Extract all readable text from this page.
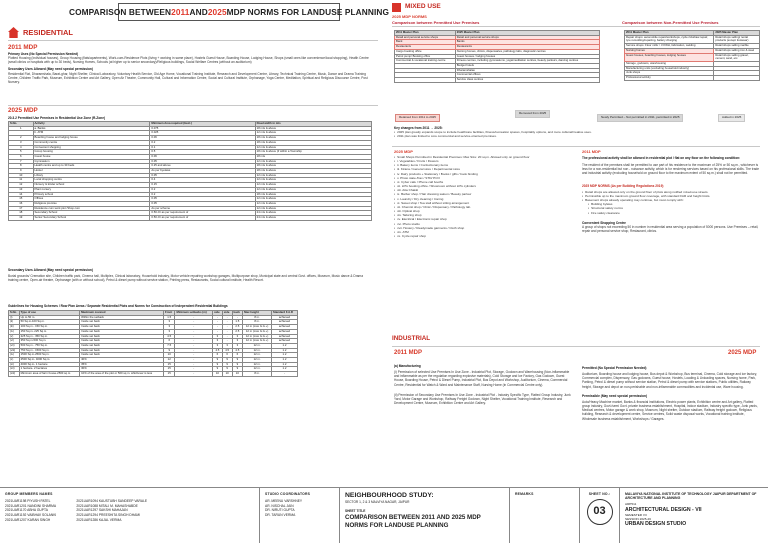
COMPARISON BETWEEN 2011 AND 2025 MDP NORMS FOR LANDUSE PLANNING
RESIDENTIAL
2011 MDP
Primary Uses (No Special Permission Needed)
Plotted Housing (Individual houses), Group Housing (flats/apartments), Work-cum-Residence Plots (living + working in same place), Hostels Guest House, Boarding House, Lodging House, Shops (small ones like convenience/local shopping), Health Centre (small clinics or hospitals with up to 30 beds), Nursing Homes, Schools (at higher up to senior secondary)/Religious buildings, Social Welfare Centres (without an auditorium)
Secondary Uses Allowed (May need special permission)
Residential Flat, Dharamshala, Barat-ghar, Night Shelter, Clinical Laboratory, Voluntary Health Service, Old Age Home, Vocational Training Institute, Research and Development Centre, Library, Technical Training Centre, Music, Dance and Drama Training Centre, Children Traffic Park, Museum, Exhibition Centre and Art Gallery, Open Air Theatre, Community Hall, Cultural and Information Centre, Social and Cultural Institute, Orphanage, Yoga Centre, Meditation, Spiritual and Religious Discourse Centre, Post Nursery.
2025 MDP
20.3.2 Permitted Use Premises in Residential Use Zone (R-Zone)
S.No.	Activity	Minimum Area required (Hect.)	Road width in mts
1	a. Banks	0.075	18 mts & above
	b. ATM	0.025	12 mts & above
2	Boarding house and lodging house	0.06	18 mts & above
3	Community centre	0.2	18 mts & above
4	Convenient shopping	0.1	12 mts & above
5	Group housing	0.5	18 mts & above (if within a Township
6	Guest house	0.06	18 mts
7	Gymnasium	0.05	12 mts & above
8	Health centre and up to 30 beds	0.25 and above	18 mts & above
9	Hostel	As per byelaws	18 mts & above
10	Library	0.05	12 mts & above
11	Local shopping centre	0.4	12 mts & above
12	Nursery & kinder school	0.15	12 mts & above
13	Plant nursery	0.2	12 mts & above
14	Primary school	0.2	18 mts & above
15	Offices	0.05	12 mts & above
16	Religious premise	0.05	12 mts & above
17	Residence cum work plot /Shop cum	As per scheme	12 mts & above
18	Secondary School	0.50-Or as per requirement of	24 mts & above
19	Senior Secondary School	0.50-Or as per requirement of	24 mts & above
Secondary Uses Allowed (May need special permission)
Burial grounds/ Cremation site, Children traffic park, Cinema hall, Multiplex, Clinical laboratory, Household industry, Motor vehicle repairing workshop garages, Multipurpose shop, Municipal state and central Govt. offices, Museum, Music dance & Drama training centre, Open-air theatre, Orphanage (with or without school), Petrol & diesel pump without service station, Printing press, Restaurants, Social cultural institute, Health Resort.
Guidelines for Housing Schemes / Row Plan Areas / Separate Residential Plots and Norms for Construction of Independent Residential Buildings
S.No	Type of use	Maximum covered	Front	Minimum setbacks (m)	side	side	back	Max height	Standard F.A.R
(i)	Up to 50 m.	Within the setback	1.5	-	-	-	-	8 m.	achieved
(ii)	50 Sq.m-100 Sq.m.	Inside set back	3	-	-	-	1.5	8 m.	achieved
(iii)	100 Sq.m - 150 Sq.m.	Inside set back	3	-	-	-	2.5	12 m (max G.G.+)	achieved
(iv)	150 Sq.m- 225 Sq.m.	Inside set back	3	-	-	-	2.5	12 m (max G.G.+)	achieved
(v)	225 Sq.m - 350 Sq.m.	Inside set back	4.5	-	3	-	3	12 m (max G.G.+)	achieved
(vi)	350 Sq.m-500 Sq.m.	Inside set back	6	-	3	-	3	12 m (max G.G.+)	achieved
(vii)	500 Sq.m - 750 Sq.m.	Inside set back	7.5	-	3	3	3	12 m.	1.2
(viii)	750 Sq.m - 1500 Sq.m.	Inside set back	9	-	4.5	4.5	4.5	12 m.	1.2
(ix)	1500 Sq.m-2500 Sq.m.	Inside set back	10	-	6	6	6	12 m.	1.2
(x)	2500 Sq.m- 4000 Sq.m.	40%	12	-	9	9	9	12 m.	1.2
(xi)	4000 Sq.m- 1 hectare	35%	15	-	9	9	9	12 m.	1.2
(xii)	1 hectare- 2 hectares	30%	15	-	9	9	9	12 m.	1.2
(xiii)	Minimum area of farm house-2500 sq.m.	10% of the area of the plot or 500 sq.m. whichever is less	15	-	10	10	10	8 m.	-
MIXED USE
2025 MDP NORMS
Comparison between Permitted Use Premises	Comparison between Non-Permitted Use Premises
2011 Master Plan	2025 Master Plan
Retail and personal service shops	Retail and personal service shops
Bank	Banks
Restaurants	Restaurants
Cargo booking office	Nursing homes, clinics, dispensaries, pathology labs, diagnostic centres
Petrol pump/ Booking office	Guest houses / lodging houses
Commercial & vocational training centre	Fitness centres, including gymnasiums, yoga/meditation centres, beauty parlours, dancing centres
	Budget hotels
	Dharamshalas
	Commercial offices
	Service class centres
2011 Master Plan	2025 Master Plan
Repair shops: automobile repair/workshops, cycle rickshaw repair, tyre remolding/repairing, battery charging	Retail shops selling/ rental products (except footwear)
Service shops: Floor mills > 3 KWH, fabrication, welding	Retail shops selling marble
Nursing homes	Retail shops selling iron & steel
Guest houses, boarding houses, lodging houses	Retail shops selling gravel, cement, sand, etc.
Storage, godowns, warehousing	
Manufacturing units (excluding household industry)	
Junk shops	
Professional activity	
Retained from 2011 to 2025
Removed from 2025
Newly Permitted – Not permitted in 2011, permitted in 2025	Added in 2025
Key changes from 2011 → 2025:
▪ 2025 plan greatly expands scope to include healthcare facilities, fitness/recreation spaces, hospitality options, and more cultural/creative uses.
▪ 2011 plan was limited to core commercial and service-oriented premises.
2025 MDP	2011 MDP
▪ Small Shops Permitted in Residential Premises: Max Size: 20 sq.m. Allowed only on ground floor
▪ i. Vegetables / Fruits / Flowers
▪ ii. Bakery items / Confectionary items
▪ iii. Kirana / General store / Departmental store
▪ iv. Dairy products + Stationary / Books / gifts / book binding
▪ v. Photo state /Fax / STD/ PCO
▪ vi. Cyber cafe / Phone call booths
▪ vii. LPG booking office / Showroom without LPG cylinders
▪ viii. Atta Chakki
▪ ix. Barber shop / Hair dressing saloon / Beauty parlour
▪ x. Laundry / Dry cleaning / Ironing
▪ xi. Sweet shop / Tea stall without sitting arrangement
▪ xii. Chemist shop / Clinic / Dispensary / Pathology lab.
▪ xiii. Optical shop
▪ xiv. Tailoring shop
▪ xv. Electrical / Electronic repair shop
▪ xvi. Photo studio
▪ xvii. Hosiery / Readymade garments / Cloth shop
▪ xix. ATM
▪ xx. Cycle repair shop
The professional activity shall be allowed in residential plot / flat on any floor on the following condition:
The resident of the premises shall be permitted to use part of his residence to the maximum of 25% or 50 sq.m., whichever is less for a non-residential but non - nuisance activity, which is for rendering services based on his professional skills. The trade and industrial activity (excluding household on ground floor to the maximum extent of 50 sq.m.) shall not be permitted.
2025 MDP NORMS (As per Building Regulations 2019)
▪ Retail shops are allowed only on the ground floor of plots along notified mixed-use streets.
▪ Permissible up to the maximum ground floor coverage, with standard FAR and height limits.
▪ Basement shops already operating may continue, but must comply with:
▪ Building bylaws
▪ Structural safety norms
▪ Fire safety clearance
Convenient Shopping Centre
A group of shops not exceeding 50 in number in residential area serving a population of 5000 persons. Use Premises – retail, repair and personal service shop, Restaurant, clinics.
INDUSTRIAL
2011 MDP	2025 MDP
(a) Manufacturing
(i) Permission of selected Use Premises In Use Zone - Industrial Plot, Storage, Godown and Warehousing (Non-inflammable and inflammable as per the regulation regarding explosive materials), Cold Storage and Ice Factory, Gas Godown, Guest House, Boarding House, Petrol & Diesel Pump, Industrial Plot, Bus Depot and Workshop, Auditorium, Cinema, Commercial Centre, Residential for Watch & Ward and Maintenance Staff, Nursing Home (in Commercial Centre only).
(ii) Permission of Secondary Use Premises In Use Zone - Industrial Plot - Industry Specific Type, Flatted Group Industry, Junk Yard, Motor Garage and Workshop, Railway Freight Godown, Night Shelter, Vocational Training Institute, Research and Development Centre, Museum, Exhibition Centre and Art Gallery.
Permitted (No Special Permission Needed)
Auditorium, Boarding house and lodging house, Bus depot & Workshop, Bus terminal, Cinema, Cold storage and ice factory, Commercial complex, Dispensary, Gas godowns, Guest house, Hostels, Loading & Unloading spaces, Nursing home, Park, Parking, Petrol & diesel pump without service station, Petrol & diesel pump with service stations, Public utilities, Railway freight, Storage and depot on non-perishable and non-inflammable commodities and incidental use, Ware housing.
Permissible (May need special permission)
Auto/Heavy Machine market, Banks & financial institutions, Electric power plants, Exhibition centre and Art gallery, Flatted group industry, Govt./semi Govt. private business establishment, Hospital, Indoor stadium, Industry specific type, Junk yards, Medical centres, Motor garage & work shop, Museum, Night shelter, Outdoor stadium, Railway freight godown, Religious building, Research & development centre, Service centres, Solid waste disposal works, Vocational training institute, Wholesale business establishment, Workshops / Garages.
GROUP MEMBERS NAMES
2021UAR1198 PIYUSH PATEL
2021UAR1201 NANDINI SHARMA
2021UAR1170 ABHA GUPTA
2021UAR1192 VAIBHAV SOLANKI
2021UAR1207 KARAN SINGH
2021UAR1094 KAUSTUBH SANDEEP VARALE
2021UAR1088 MITALI M. MAHASHABDE
2021UAR1297 SAKSHI MAHAJAN
2021UAR1294 PREESHITA SINGH DHAMI
2021UAR1286 KAJAL VERMA
STUDIO COORDINATORS
AR. MEENU VARSHNEY
AR. NISCHAL JAIN
DR. NIRUTI GUPTA
DR. TARUN VERMA
NEIGHBOURHOOD STUDY:
SECTOR 1, 2 & 3 MALVIYA NAGAR, JAIPUR
SHEET TITLE
COMPARISON BETWEEN 2011 AND 2025 MDP NORMS FOR LANDUSE PLANNING
REMARKS	SHEET NO.:
03
MALAVIYA NATIONAL INSTITUTE OF TECHNOLOGY JAIPUR DEPARTMENT OF ARCHITECTURE AND PLANNING
ARP511
ARCHITECTURAL DESIGN - VII
SEMESTER VII
SESSION 2025-26
URBAN DESIGN STUDIO
